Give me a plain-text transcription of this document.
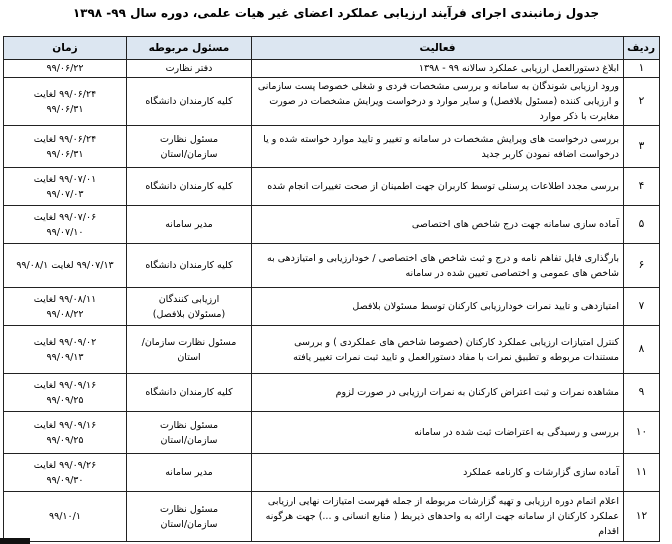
جدول زمانبندی اجرای فرآیند ارزیابی عملکرد اعضای غیر هیات علمی، دوره سال ۹۹- ۱۳۹۸
ردیف	فعالیت	مسئول مربوطه	زمان
۱	ابلاغ دستورالعمل ارزیابی عملکرد سالانه ۹۹ - ۱۳۹۸	دفتر نظارت	۹۹/۰۶/۲۲

۲	ورود ارزیابی شوندگان به سامانه و بررسی مشخصات فردی و شغلی خصوصا پست سازمانی و ارزیابی کننده (مسئول بلافصل) و سایر موارد و درخواست ویرایش مشخصات در صورت مغایرت با ذکر موارد	کلیه کارمندان دانشگاه	۹۹/۰۶/۲۴ لغایت
۹۹/۰۶/۳۱

۳	بررسی درخواست های ویرایش مشخصات در سامانه و تغییر و تایید موارد خواسته شده و یا درخواست اضافه نمودن کاربر جدید	مسئول نظارت
سازمان/استان	۹۹/۰۶/۲۴ لغایت
۹۹/۰۶/۳۱

۴	بررسی مجدد اطلاعات پرسنلی توسط کاربران جهت اطمینان از صحت تغییرات انجام شده	کلیه کارمندان دانشگاه	۹۹/۰۷/۰۱ لغایت
۹۹/۰۷/۰۳

۵	آماده سازی سامانه جهت درج شاخص های اختصاصی	مدیر سامانه	۹۹/۰۷/۰۶ لغایت
۹۹/۰۷/۱۰

۶	بارگذاری فایل تفاهم نامه و درج و ثبت شاخص های اختصاصی / خودارزیابی و امتیازدهی به شاخص های عمومی و اختصاصی تعیین شده در سامانه	کلیه کارمندان دانشگاه	۹۹/۰۷/۱۳ لغایت ۹۹/۰۸/۱

۷	امتیازدهی و تایید نمرات خودارزیابی کارکنان توسط مسئولان بلافصل	ارزیابی کنندگان
(مسئولان بلافصل)	۹۹/۰۸/۱۱ لغایت
۹۹/۰۸/۲۲

۸	کنترل امتیازات ارزیابی عملکرد کارکنان (خصوصا شاخص های عملکردی ) و بررسی مستندات مربوطه و تطبیق نمرات با مفاد دستورالعمل و تایید ثبت نمرات تغییر یافته	مسئول نظارت سازمان/
استان	۹۹/۰۹/۰۲ لغایت
۹۹/۰۹/۱۳

۹	مشاهده نمرات و ثبت اعتراض کارکنان به نمرات ارزیابی در صورت لزوم	کلیه کارمندان دانشگاه	۹۹/۰۹/۱۶ لغایت
۹۹/۰۹/۲۵

۱۰	بررسی و رسیدگی به اعتراضات ثبت شده در سامانه	مسئول نظارت
سازمان/استان	۹۹/۰۹/۱۶ لغایت
۹۹/۰۹/۲۵

۱۱	آماده سازی گزارشات و کارنامه عملکرد	مدیر سامانه	۹۹/۰۹/۲۶ لغایت
۹۹/۰۹/۳۰

۱۲	اعلام اتمام دوره ارزیابی و تهیه گزارشات مربوطه از جمله فهرست امتیازات نهایی ارزیابی عملکرد کارکنان از سامانه جهت ارائه به واحدهای ذیربط ( منابع انسانی و ...) جهت هرگونه اقدام	مسئول نظارت
سازمان/استان	۹۹/۱۰/۱
